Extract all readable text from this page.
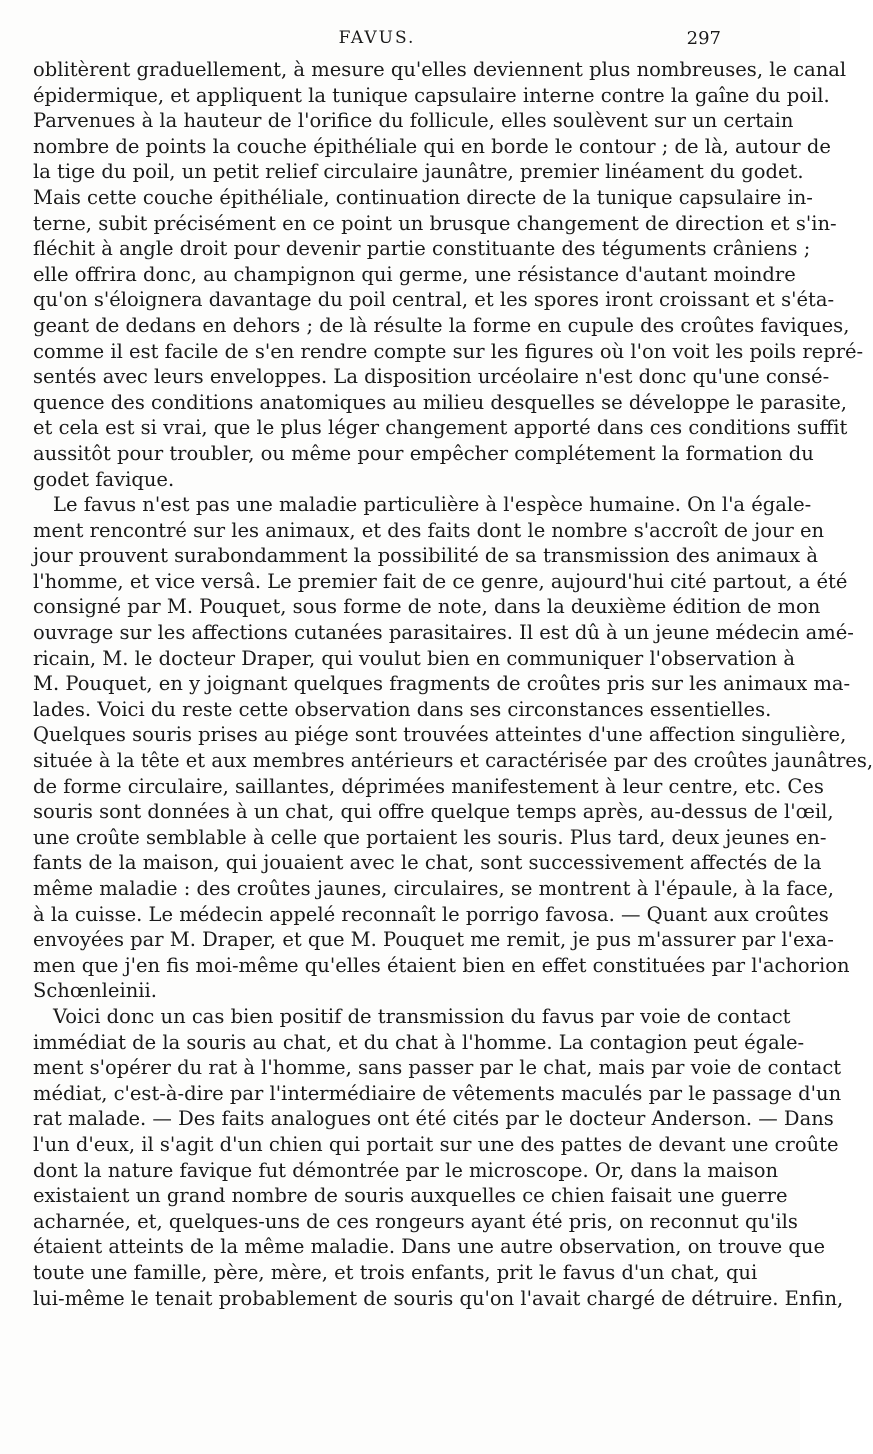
FAVUS.	297
oblitèrent graduellement, à mesure qu'elles deviennent plus nombreuses, le canal
épidermique, et appliquent la tunique capsulaire interne contre la gaîne du poil.
Parvenues à la hauteur de l'orifice du follicule, elles soulèvent sur un certain
nombre de points la couche épithéliale qui en borde le contour ; de là, autour de
la tige du poil, un petit relief circulaire jaunâtre, premier linéament du godet.
Mais cette couche épithéliale, continuation directe de la tunique capsulaire in-
terne, subit précisément en ce point un brusque changement de direction et s'in-
fléchit à angle droit pour devenir partie constituante des téguments crâniens ;
elle offrira donc, au champignon qui germe, une résistance d'autant moindre
qu'on s'éloignera davantage du poil central, et les spores iront croissant et s'éta-
geant de dedans en dehors ; de là résulte la forme en cupule des croûtes faviques,
comme il est facile de s'en rendre compte sur les figures où l'on voit les poils repré-
sentés avec leurs enveloppes. La disposition urcéolaire n'est donc qu'une consé-
quence des conditions anatomiques au milieu desquelles se développe le parasite,
et cela est si vrai, que le plus léger changement apporté dans ces conditions suffit
aussitôt pour troubler, ou même pour empêcher complétement la formation du
godet favique.
Le favus n'est pas une maladie particulière à l'espèce humaine. On l'a égale-
ment rencontré sur les animaux, et des faits dont le nombre s'accroît de jour en
jour prouvent surabondamment la possibilité de sa transmission des animaux à
l'homme, et vice versâ. Le premier fait de ce genre, aujourd'hui cité partout, a été
consigné par M. Pouquet, sous forme de note, dans la deuxième édition de mon
ouvrage sur les affections cutanées parasitaires. Il est dû à un jeune médecin amé-
ricain, M. le docteur Draper, qui voulut bien en communiquer l'observation à
M. Pouquet, en y joignant quelques fragments de croûtes pris sur les animaux ma-
lades. Voici du reste cette observation dans ses circonstances essentielles.
Quelques souris prises au piége sont trouvées atteintes d'une affection singulière,
située à la tête et aux membres antérieurs et caractérisée par des croûtes jaunâtres,
de forme circulaire, saillantes, déprimées manifestement à leur centre, etc. Ces
souris sont données à un chat, qui offre quelque temps après, au-dessus de l'œil,
une croûte semblable à celle que portaient les souris. Plus tard, deux jeunes en-
fants de la maison, qui jouaient avec le chat, sont successivement affectés de la
même maladie : des croûtes jaunes, circulaires, se montrent à l'épaule, à la face,
à la cuisse. Le médecin appelé reconnaît le porrigo favosa. — Quant aux croûtes
envoyées par M. Draper, et que M. Pouquet me remit, je pus m'assurer par l'exa-
men que j'en fis moi-même qu'elles étaient bien en effet constituées par l'achorion
Schœnleinii.
Voici donc un cas bien positif de transmission du favus par voie de contact
immédiat de la souris au chat, et du chat à l'homme. La contagion peut égale-
ment s'opérer du rat à l'homme, sans passer par le chat, mais par voie de contact
médiat, c'est-à-dire par l'intermédiaire de vêtements maculés par le passage d'un
rat malade. — Des faits analogues ont été cités par le docteur Anderson. — Dans
l'un d'eux, il s'agit d'un chien qui portait sur une des pattes de devant une croûte
dont la nature favique fut démontrée par le microscope. Or, dans la maison
existaient un grand nombre de souris auxquelles ce chien faisait une guerre
acharnée, et, quelques-uns de ces rongeurs ayant été pris, on reconnut qu'ils
étaient atteints de la même maladie. Dans une autre observation, on trouve que
toute une famille, père, mère, et trois enfants, prit le favus d'un chat, qui
lui-même le tenait probablement de souris qu'on l'avait chargé de détruire. Enfin,
